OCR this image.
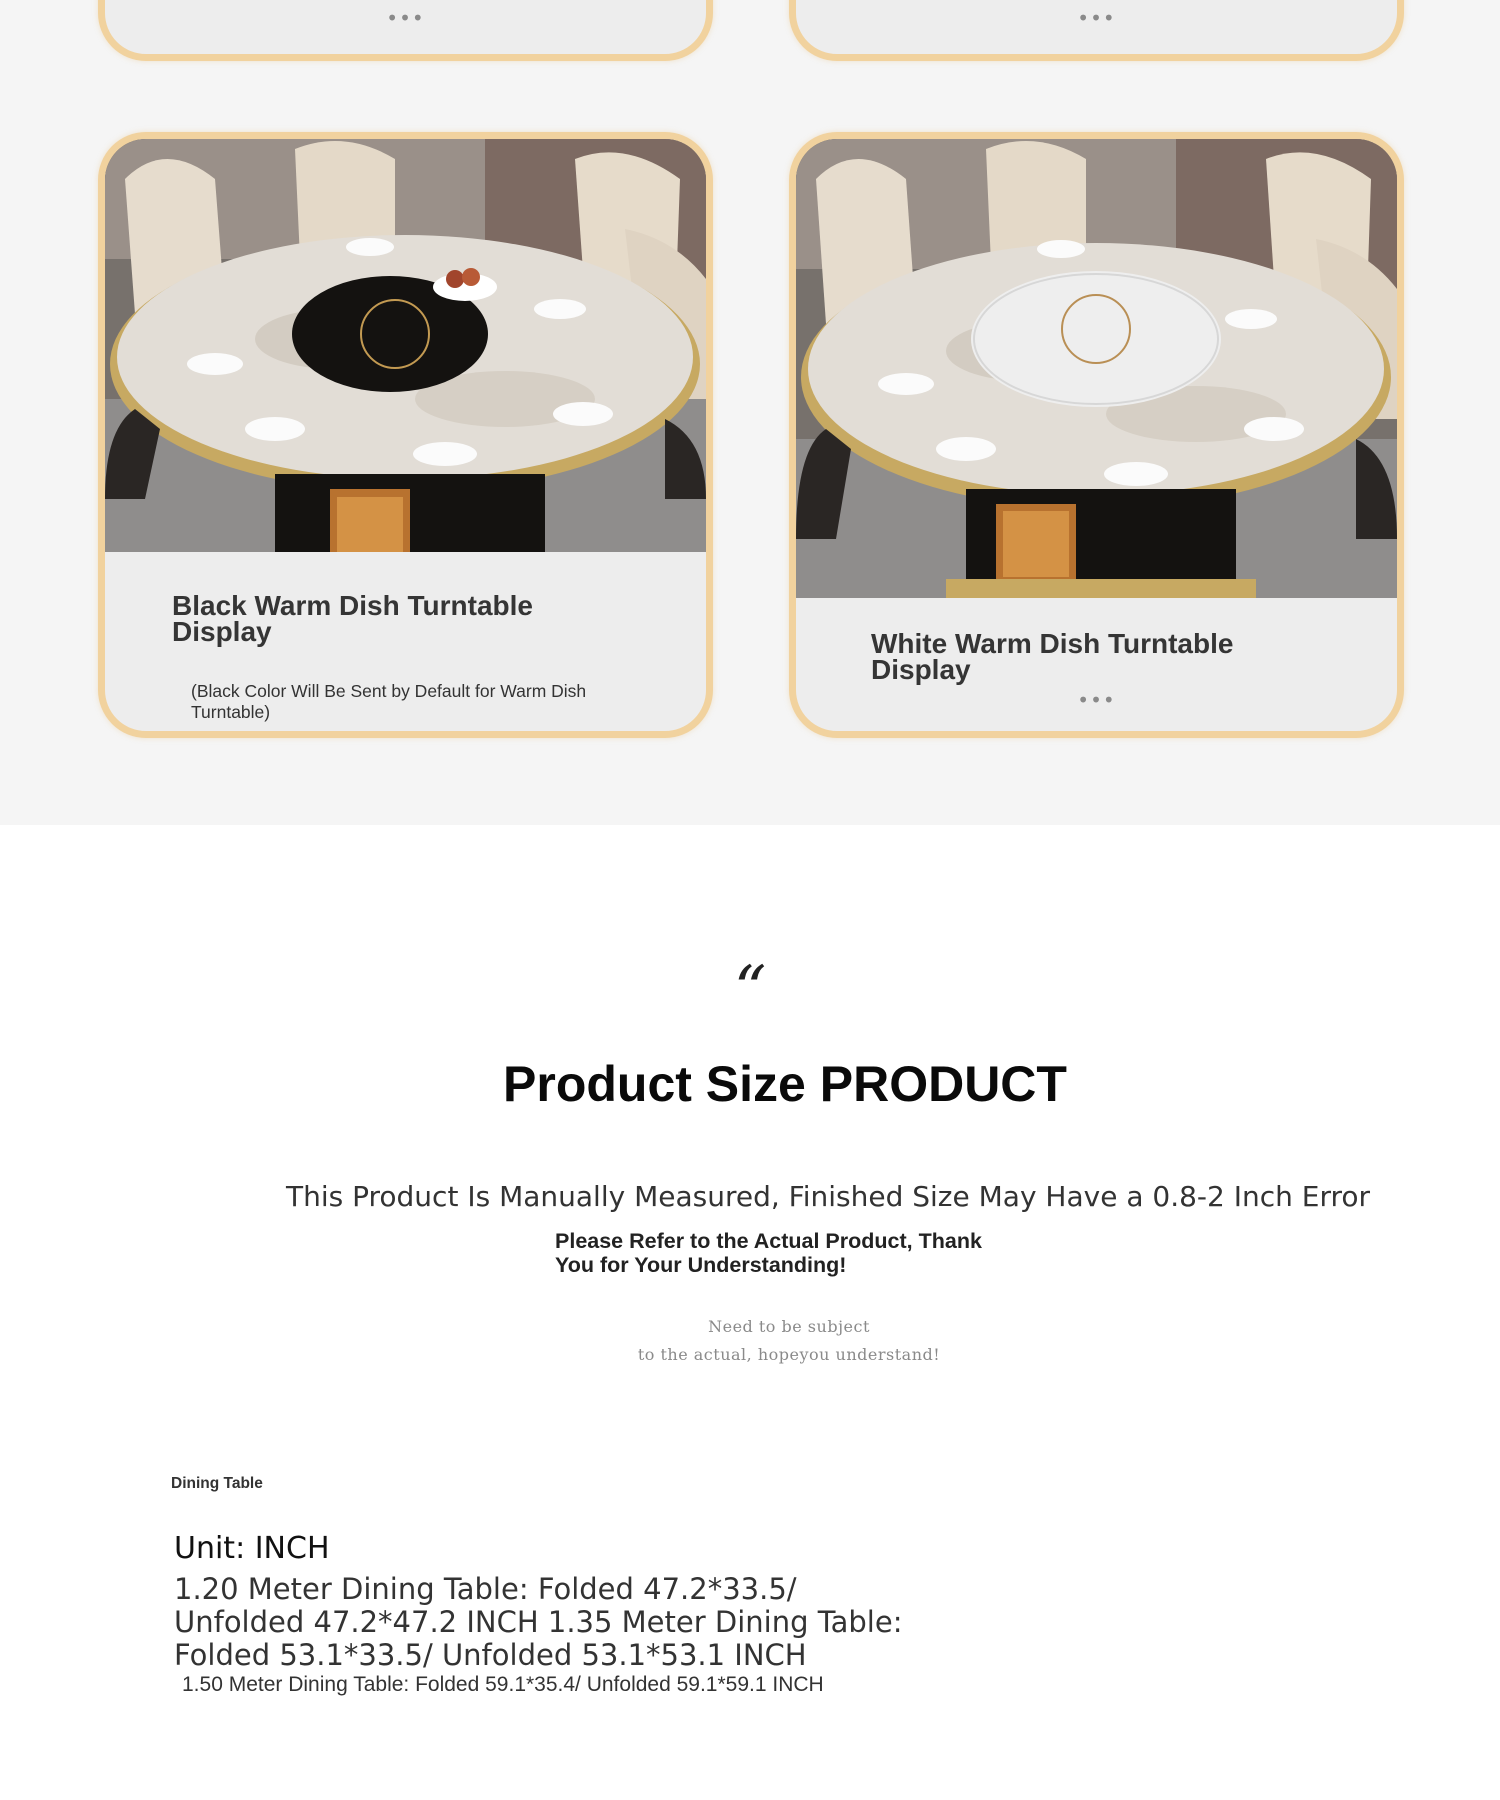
•••	•••
Black Warm Dish Turntable Display

(Black Color Will Be Sent by Default for Warm Dish Turntable)

White Warm Dish Turntable Display
•••
“
Product Size PRODUCT

This Product Is Manually Measured, Finished Size May Have a 0.8-2 Inch Error

Please Refer to the Actual Product, Thank You for Your Understanding!

Need to be subject
to the actual, hopeyou understand!
Dining Table
Unit: INCH

1.20 Meter Dining Table: Folded 47.2*33.5/ Unfolded 47.2*47.2 INCH 1.35 Meter Dining Table: Folded 53.1*33.5/ Unfolded 53.1*53.1 INCH

1.50 Meter Dining Table: Folded 59.1*35.4/ Unfolded 59.1*59.1 INCH
